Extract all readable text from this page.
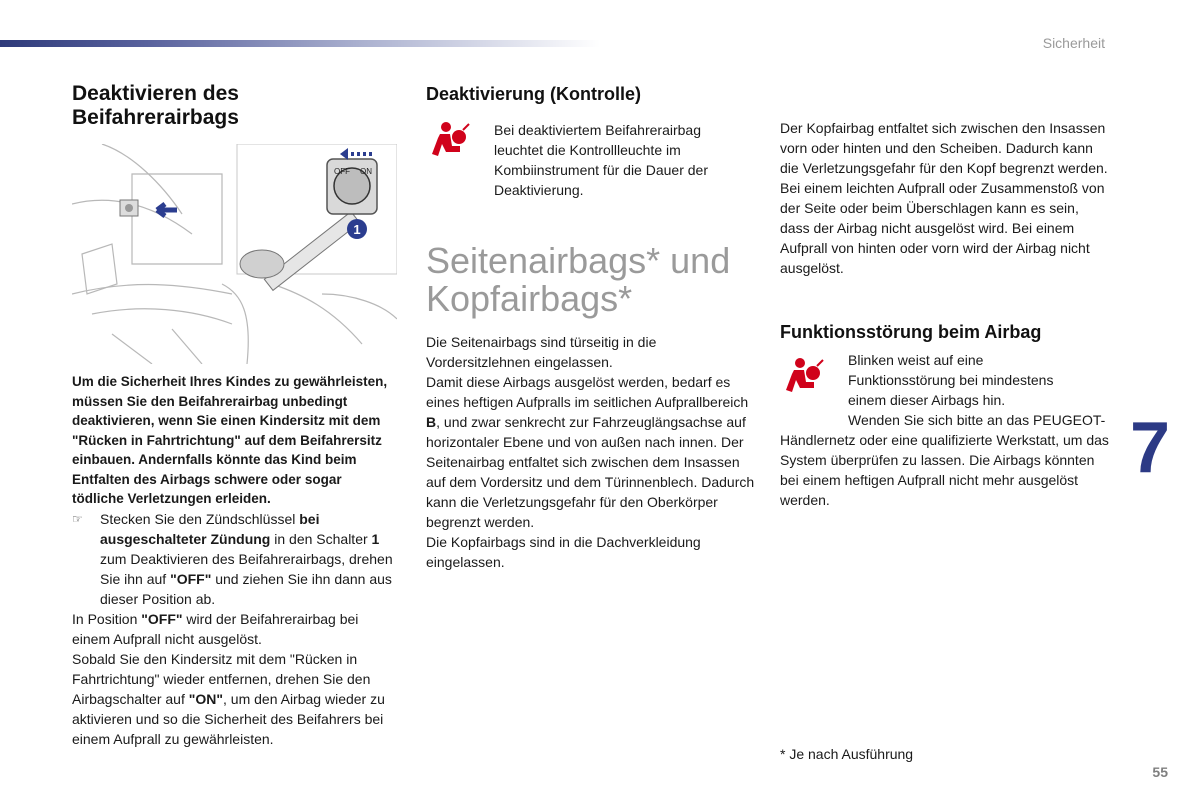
Sicherheit
7
55
Deaktivieren des Beifahrerairbags
OFF ON
1

Um die Sicherheit Ihres Kindes zu gewährleisten, müssen Sie den Beifahrerairbag unbedingt deaktivieren, wenn Sie einen Kindersitz mit dem "Rücken in Fahrtrichtung" auf dem Beifahrersitz einbauen. Andernfalls könnte das Kind beim Entfalten des Airbags schwere oder sogar tödliche Verletzungen erleiden.

☞	Stecken Sie den Zündschlüssel bei ausgeschalteter Zündung in den Schalter 1 zum Deaktivieren des Beifahrerairbags, drehen Sie ihn auf "OFF" und ziehen Sie ihn dann aus dieser Position ab.

In Position "OFF" wird der Beifahrerairbag bei einem Aufprall nicht ausgelöst.

Sobald Sie den Kindersitz mit dem "Rücken in Fahrtrichtung" wieder entfernen, drehen Sie den Airbagschalter auf "ON", um den Airbag wieder zu aktivieren und so die Sicherheit des Beifahrers bei einem Aufprall zu gewährleisten.

Deaktivierung (Kontrolle)

Bei deaktiviertem Beifahrerairbag leuchtet die Kontrollleuchte im Kombiinstrument für die Dauer der Deaktivierung.

Seitenairbags* und Kopfairbags*

Die Seitenairbags sind türseitig in die Vordersitzlehnen eingelassen.

Damit diese Airbags ausgelöst werden, bedarf es eines heftigen Aufpralls im seitlichen Aufprallbereich B, und zwar senkrecht zur Fahrzeuglängsachse auf horizontaler Ebene und von außen nach innen. Der Seitenairbag entfaltet sich zwischen dem Insassen auf dem Vordersitz und dem Türinnenblech. Dadurch kann die Verletzungsgefahr für den Oberkörper begrenzt werden.

Die Kopfairbags sind in die Dachverkleidung eingelassen.

Der Kopfairbag entfaltet sich zwischen den Insassen vorn oder hinten und den Scheiben. Dadurch kann die Verletzungsgefahr für den Kopf begrenzt werden. Bei einem leichten Aufprall oder Zusammenstoß von der Seite oder beim Überschlagen kann es sein, dass der Airbag nicht ausgelöst wird. Bei einem Aufprall von hinten oder vorn wird der Airbag nicht ausgelöst.

Funktionsstörung beim Airbag

Blinken weist auf eine Funktionsstörung bei mindestens einem dieser Airbags hin.

Wenden Sie sich bitte an das PEUGEOT-Händlernetz oder eine qualifizierte Werkstatt, um das System überprüfen zu lassen. Die Airbags könnten bei einem heftigen Aufprall nicht mehr ausgelöst werden.

* Je nach Ausführung
